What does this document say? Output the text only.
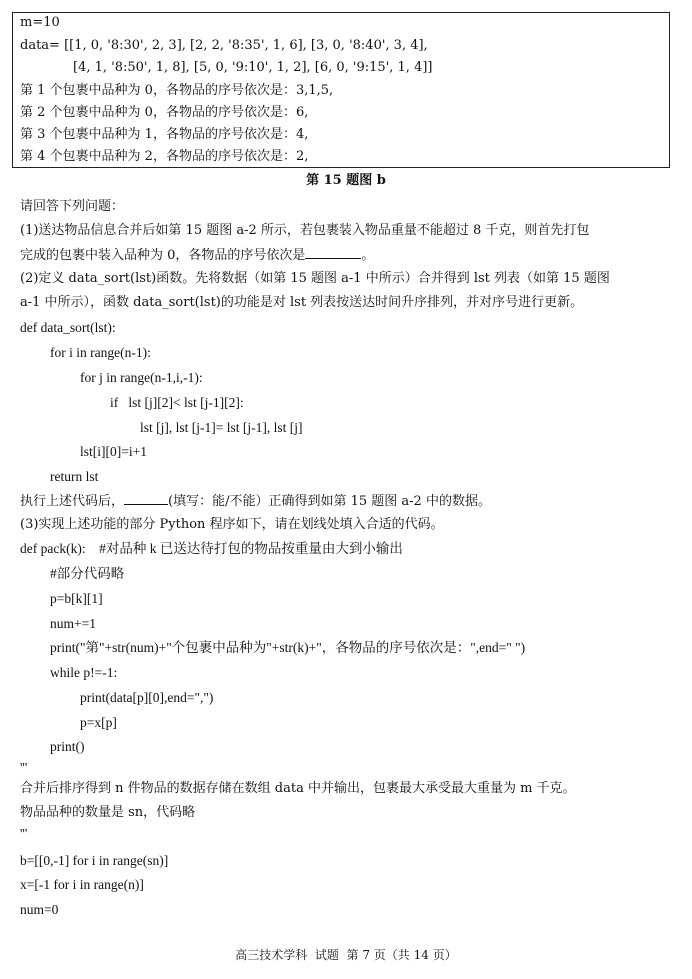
m=10
data= [[1, 0, '8:30', 2, 3], [2, 2, '8:35', 1, 6], [3, 0, '8:40', 3, 4],
[4, 1, '8:50', 1, 8], [5, 0, '9:10', 1, 2], [6, 0, '9:15', 1, 4]]
第 1 个包裹中品种为 0，各物品的序号依次是：3,1,5,
第 2 个包裹中品种为 0，各物品的序号依次是：6,
第 3 个包裹中品种为 1，各物品的序号依次是：4,
第 4 个包裹中品种为 2，各物品的序号依次是：2,
第 15 题图 b
请回答下列问题：
(1)送达物品信息合并后如第 15 题图 a-2 所示，若包裹装入物品重量不能超过 8 千克，则首先打包
完成的包裹中装入品种为 0，各物品的序号依次是	。
(2)定义 data_sort(lst)函数。先将数据（如第 15 题图 a-1 中所示）合并得到 lst 列表（如第 15 题图
a-1 中所示），函数 data_sort(lst)的功能是对 lst 列表按送达时间升序排列，并对序号进行更新。
def data_sort(lst):
for i in range(n-1):
for j in range(n-1,i,-1):
if   lst [j][2]< lst [j-1][2]:
lst [j], lst [j-1]= lst [j-1], lst [j]
lst[i][0]=i+1
return lst
执行上述代码后，	(填写：能/不能）正确得到如第 15 题图 a-2 中的数据。
(3)实现上述功能的部分 Python 程序如下，请在划线处填入合适的代码。
def pack(k):    #对品种 k 已送达待打包的物品按重量由大到小输出
#部分代码略
p=b[k][1]
num+=1
print("第"+str(num)+"个包裹中品种为"+str(k)+"，各物品的序号依次是：",end=" ")
while p!=-1:
print(data[p][0],end=",")
p=x[p]
print()
'''
合并后排序得到 n 件物品的数据存储在数组 data 中并输出，包裹最大承受最大重量为 m 千克。
物品品种的数量是 sn，代码略
'''
b=[[0,-1] for i in range(sn)]
x=[-1 for i in range(n)]
num=0
高三技术学科  试题  第 7 页（共 14 页）
